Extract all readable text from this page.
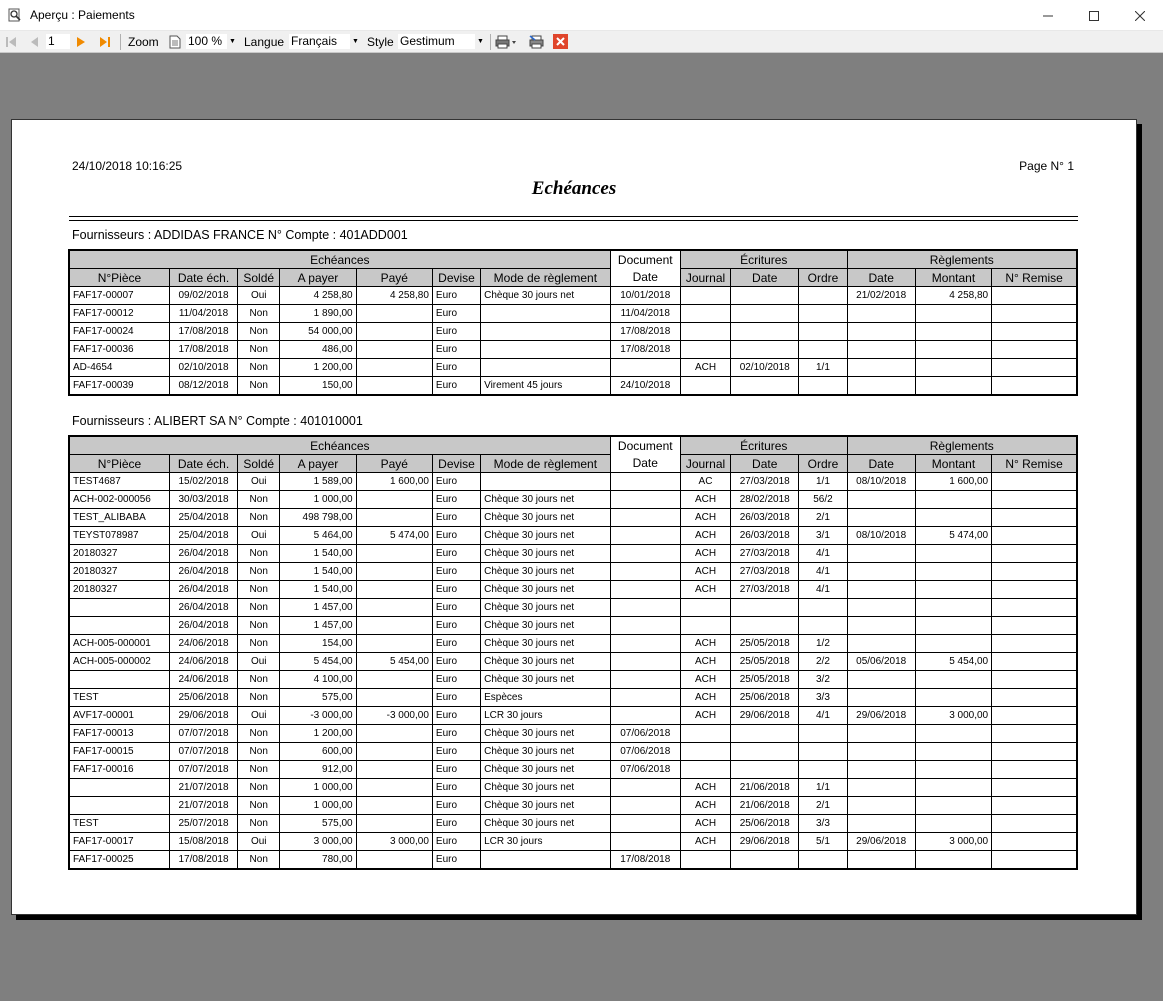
Aperçu : Paiements
1	Zoom 100 % ▼ Langue Français ▼ Style Gestimum	▼
24/10/2018 10:16:25	Page N° 1
Echéances
Fournisseurs : ADDIDAS FRANCE N° Compte : 401ADD001
Echéances							Document	Écritures			Règlements		
N°Pièce	Date éch.	Soldé	A payer	Payé	Devise	Mode de règlement	Date	Journal	Date	Ordre	Date	Montant	N° Remise
FAF17-00007	09/02/2018	Oui	4 258,80	4 258,80	Euro	Chèque 30 jours net	10/01/2018				21/02/2018	4 258,80	
FAF17-00012	11/04/2018	Non	1 890,00		Euro		11/04/2018						
FAF17-00024	17/08/2018	Non	54 000,00		Euro		17/08/2018						
FAF17-00036	17/08/2018	Non	486,00		Euro		17/08/2018						
AD-4654	02/10/2018	Non	1 200,00		Euro			ACH	02/10/2018	1/1			
FAF17-00039	08/12/2018	Non	150,00		Euro	Virement 45 jours	24/10/2018						
Fournisseurs : ALIBERT SA N° Compte : 401010001
Echéances							Document	Écritures			Règlements		
N°Pièce	Date éch.	Soldé	A payer	Payé	Devise	Mode de règlement	Date	Journal	Date	Ordre	Date	Montant	N° Remise
TEST4687	15/02/2018	Oui	1 589,00	1 600,00	Euro			AC	27/03/2018	1/1	08/10/2018	1 600,00	
ACH-002-000056	30/03/2018	Non	1 000,00		Euro	Chèque 30 jours net		ACH	28/02/2018	56/2			
TEST_ALIBABA	25/04/2018	Non	498 798,00		Euro	Chèque 30 jours net		ACH	26/03/2018	2/1			
TEYST078987	25/04/2018	Oui	5 464,00	5 474,00	Euro	Chèque 30 jours net		ACH	26/03/2018	3/1	08/10/2018	5 474,00	
20180327	26/04/2018	Non	1 540,00		Euro	Chèque 30 jours net		ACH	27/03/2018	4/1			
20180327	26/04/2018	Non	1 540,00		Euro	Chèque 30 jours net		ACH	27/03/2018	4/1			
20180327	26/04/2018	Non	1 540,00		Euro	Chèque 30 jours net		ACH	27/03/2018	4/1			
	26/04/2018	Non	1 457,00		Euro	Chèque 30 jours net							
	26/04/2018	Non	1 457,00		Euro	Chèque 30 jours net							
ACH-005-000001	24/06/2018	Non	154,00		Euro	Chèque 30 jours net		ACH	25/05/2018	1/2			
ACH-005-000002	24/06/2018	Oui	5 454,00	5 454,00	Euro	Chèque 30 jours net		ACH	25/05/2018	2/2	05/06/2018	5 454,00	
	24/06/2018	Non	4 100,00		Euro	Chèque 30 jours net		ACH	25/05/2018	3/2			
TEST	25/06/2018	Non	575,00		Euro	Espèces		ACH	25/06/2018	3/3			
AVF17-00001	29/06/2018	Oui	-3 000,00	-3 000,00	Euro	LCR 30 jours		ACH	29/06/2018	4/1	29/06/2018	3 000,00	
FAF17-00013	07/07/2018	Non	1 200,00		Euro	Chèque 30 jours net	07/06/2018						
FAF17-00015	07/07/2018	Non	600,00		Euro	Chèque 30 jours net	07/06/2018						
FAF17-00016	07/07/2018	Non	912,00		Euro	Chèque 30 jours net	07/06/2018						
	21/07/2018	Non	1 000,00		Euro	Chèque 30 jours net		ACH	21/06/2018	1/1			
	21/07/2018	Non	1 000,00		Euro	Chèque 30 jours net		ACH	21/06/2018	2/1			
TEST	25/07/2018	Non	575,00		Euro	Chèque 30 jours net		ACH	25/06/2018	3/3			
FAF17-00017	15/08/2018	Oui	3 000,00	3 000,00	Euro	LCR 30 jours		ACH	29/06/2018	5/1	29/06/2018	3 000,00	
FAF17-00025	17/08/2018	Non	780,00		Euro		17/08/2018						
